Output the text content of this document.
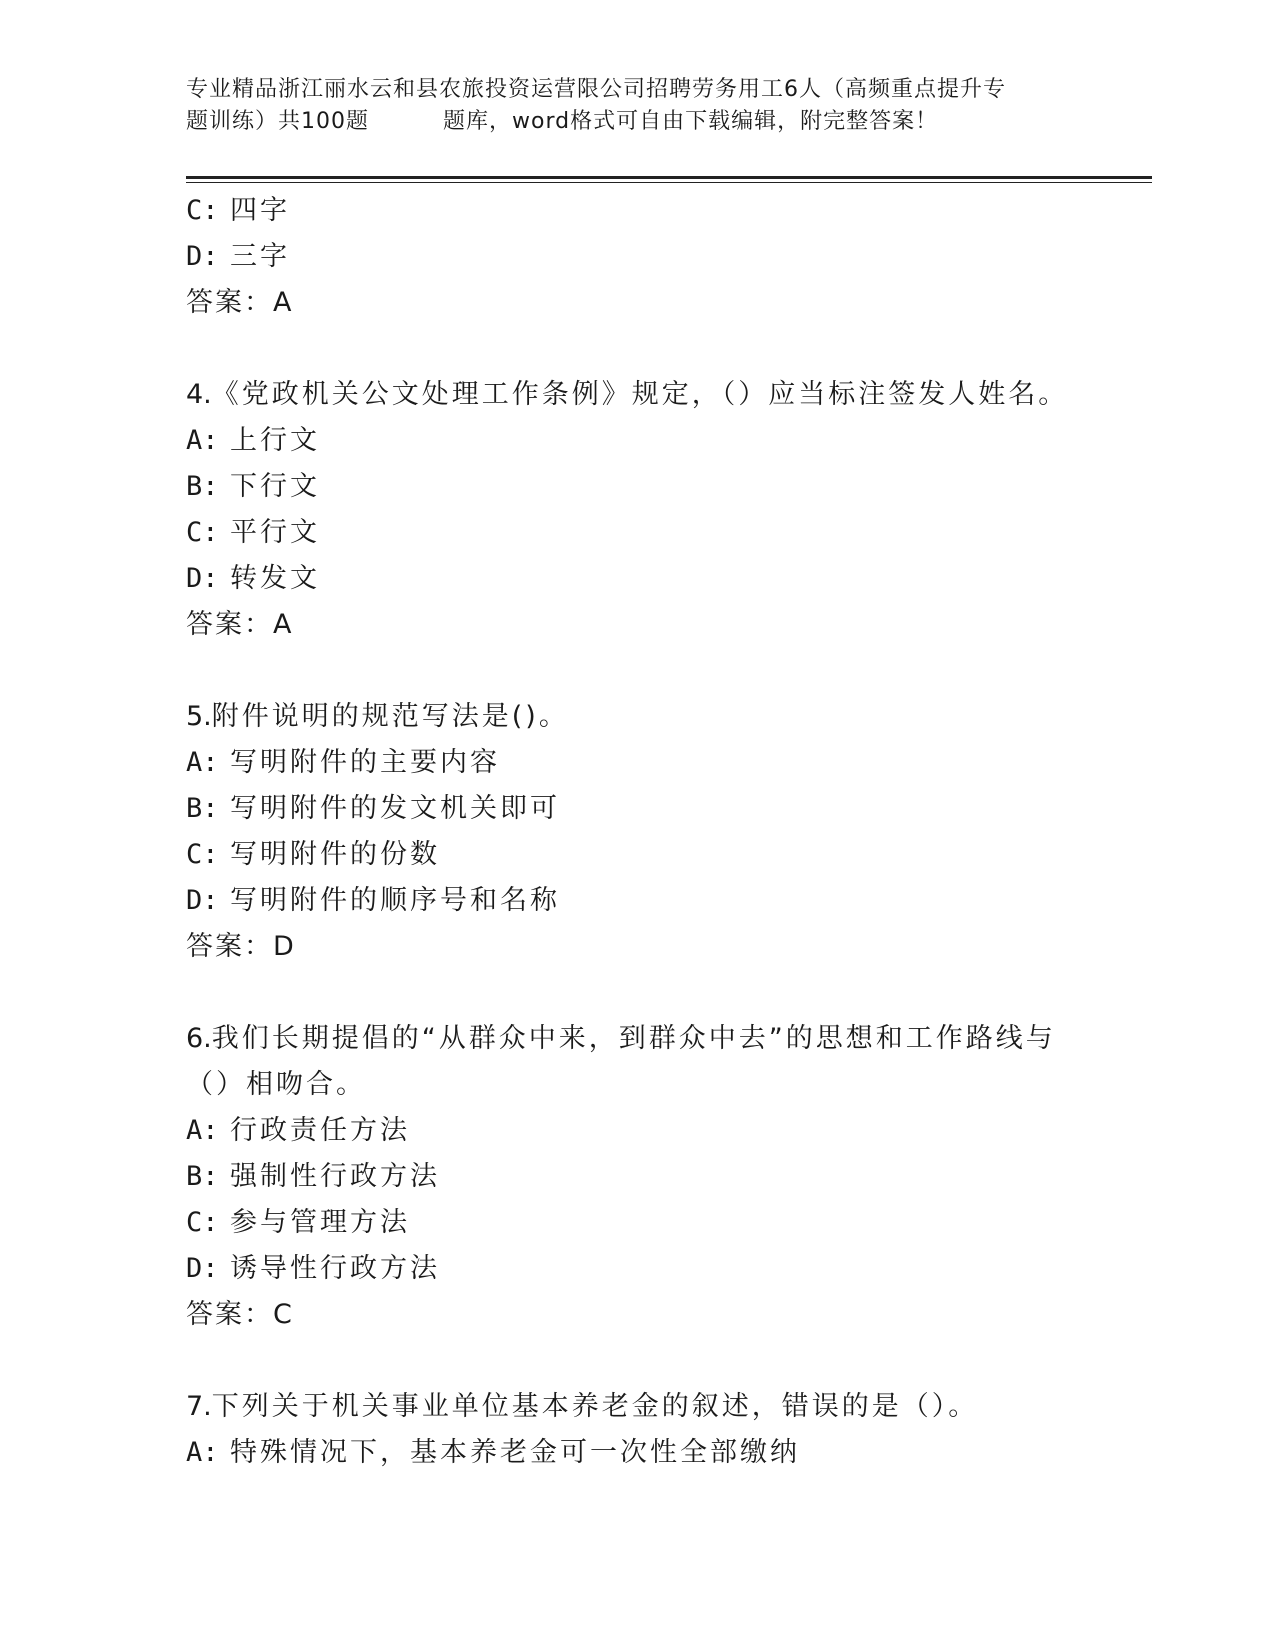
专业精品浙江丽水云和县农旅投资运营限公司招聘劳务用工6人（高频重点提升专
题训练）共100题	题库，word格式可自由下载编辑，附完整答案！
C: 四字
D: 三字
答案：A
4.《党政机关公文处理工作条例》规定，（）应当标注签发人姓名。
A: 上行文
B: 下行文
C: 平行文
D: 转发文
答案：A
5.附件说明的规范写法是()。
A: 写明附件的主要内容
B: 写明附件的发文机关即可
C: 写明附件的份数
D: 写明附件的顺序号和名称
答案：D
6.我们长期提倡的“从群众中来，到群众中去”的思想和工作路线与
（）相吻合。
A: 行政责任方法
B: 强制性行政方法
C: 参与管理方法
D: 诱导性行政方法
答案：C
7.下列关于机关事业单位基本养老金的叙述，错误的是（）。
A: 特殊情况下，基本养老金可一次性全部缴纳
